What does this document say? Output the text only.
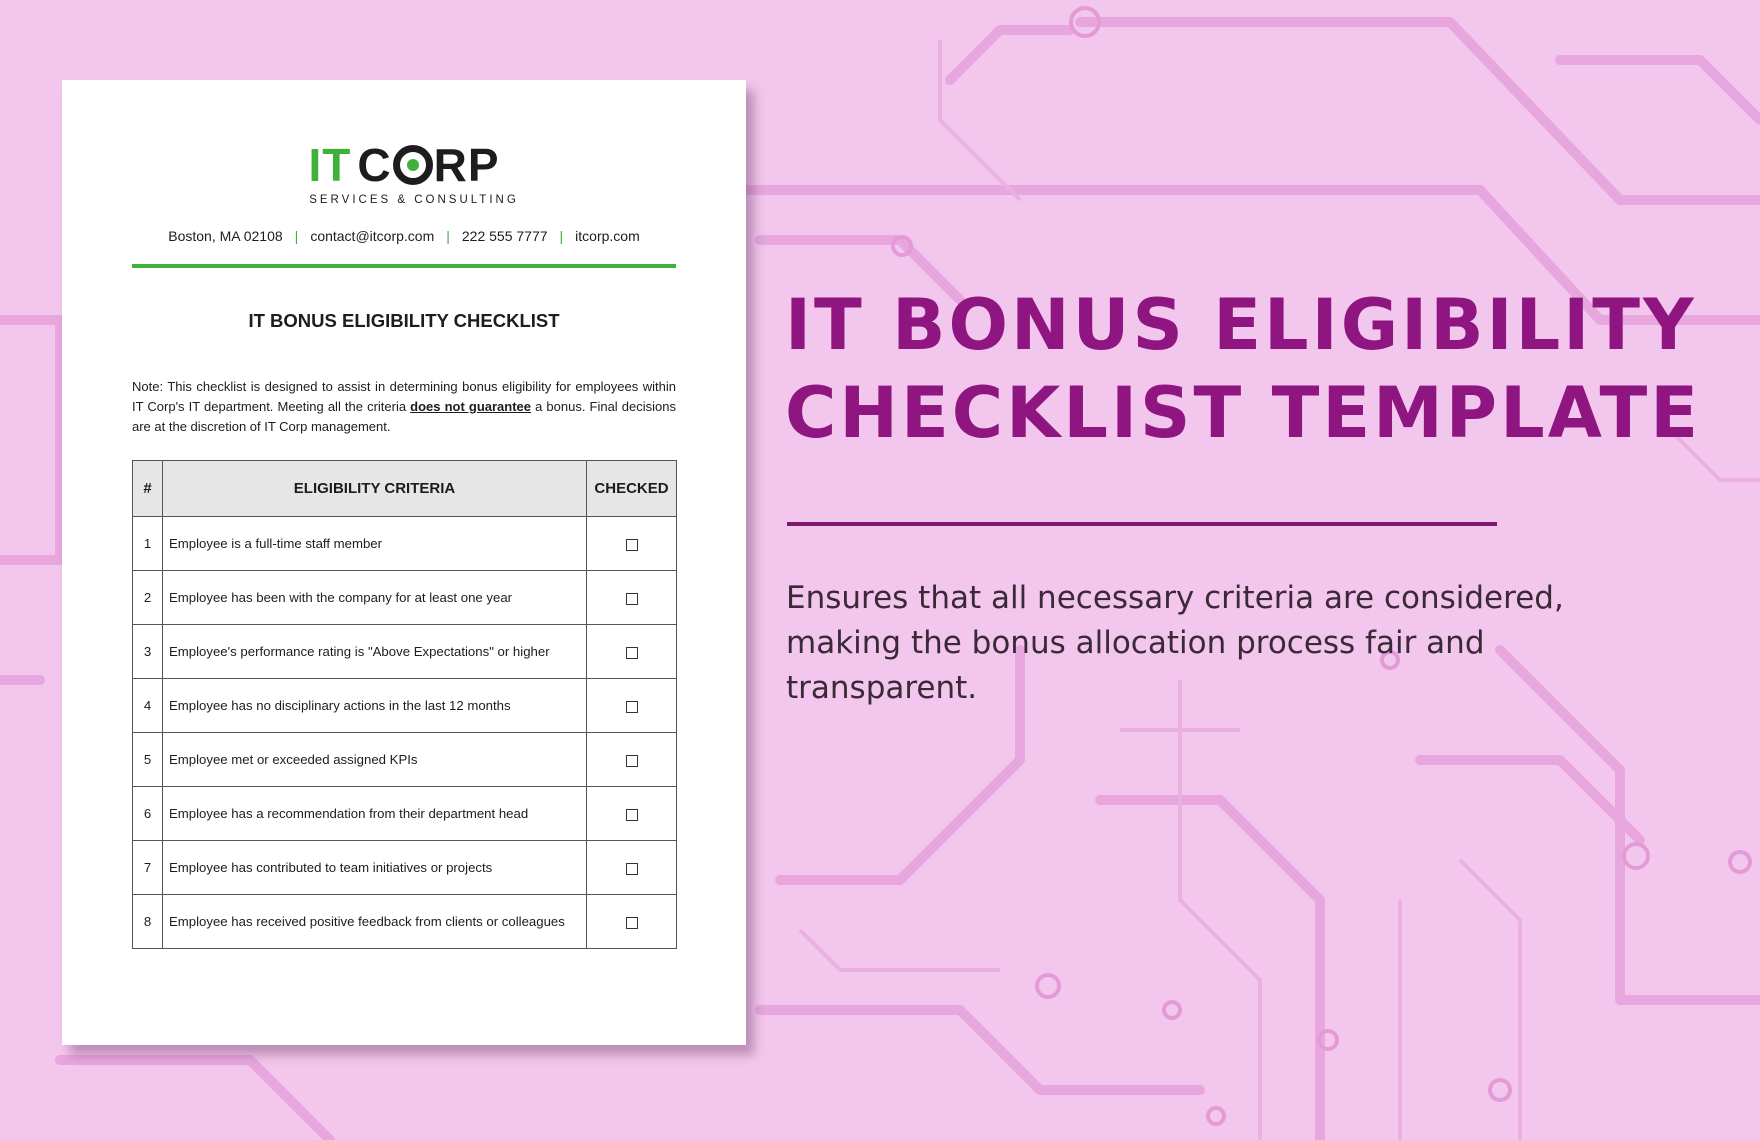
IT C RP
SERVICES & CONSULTING
Boston, MA 02108 | contact@itcorp.com | 222 555 7777 | itcorp.com
IT BONUS ELIGIBILITY CHECKLIST
Note: This checklist is designed to assist in determining bonus eligibility for employees within IT Corp's IT department. Meeting all the criteria does not guarantee a bonus. Final decisions are at the discretion of IT Corp management.
#	ELIGIBILITY CRITERIA	CHECKED
1	Employee is a full-time staff member	
2	Employee has been with the company for at least one year	
3	Employee's performance rating is "Above Expectations" or higher	
4	Employee has no disciplinary actions in the last 12 months	
5	Employee met or exceeded assigned KPIs	
6	Employee has a recommendation from their department head	
7	Employee has contributed to team initiatives or projects	
8	Employee has received positive feedback from clients or colleagues	
IT BONUS ELIGIBILITY
CHECKLIST TEMPLATE
Ensures that all necessary criteria are considered, making the bonus allocation process fair and transparent.
